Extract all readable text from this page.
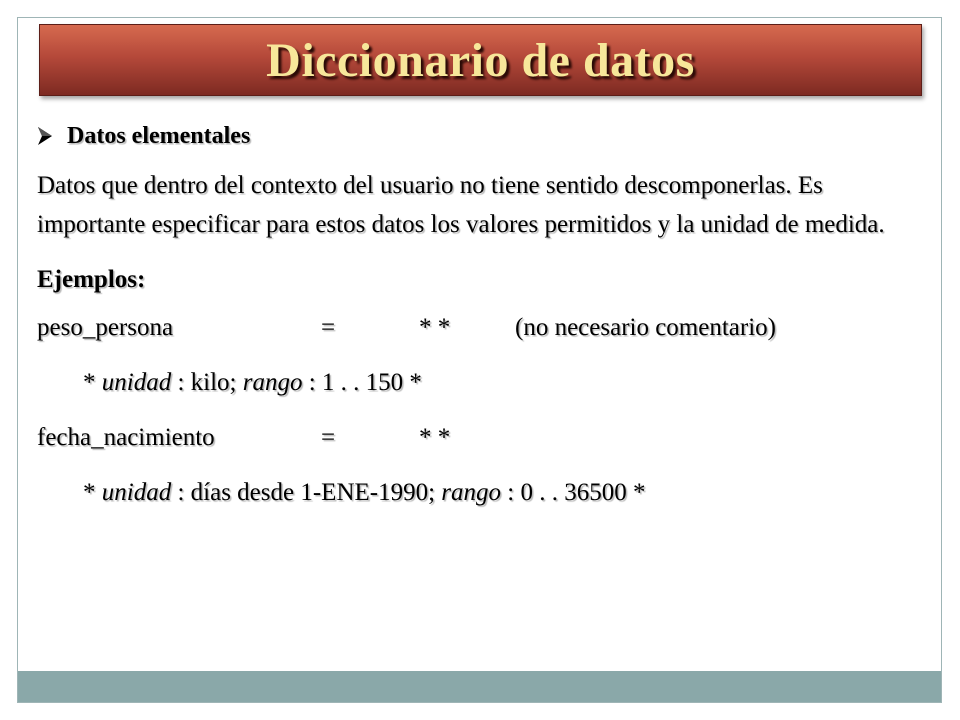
Diccionario de datos
Datos elementales
Datos que dentro del contexto del usuario no tiene sentido descomponerlas. Es importante especificar para estos datos los valores permitidos y la unidad de medida.
Ejemplos:
peso_persona	=	* *	(no necesario comentario)
* unidad : kilo; rango : 1 . . 150 *
fecha_nacimiento	=	* *
* unidad : días desde 1-ENE-1990; rango : 0 . . 36500 *
